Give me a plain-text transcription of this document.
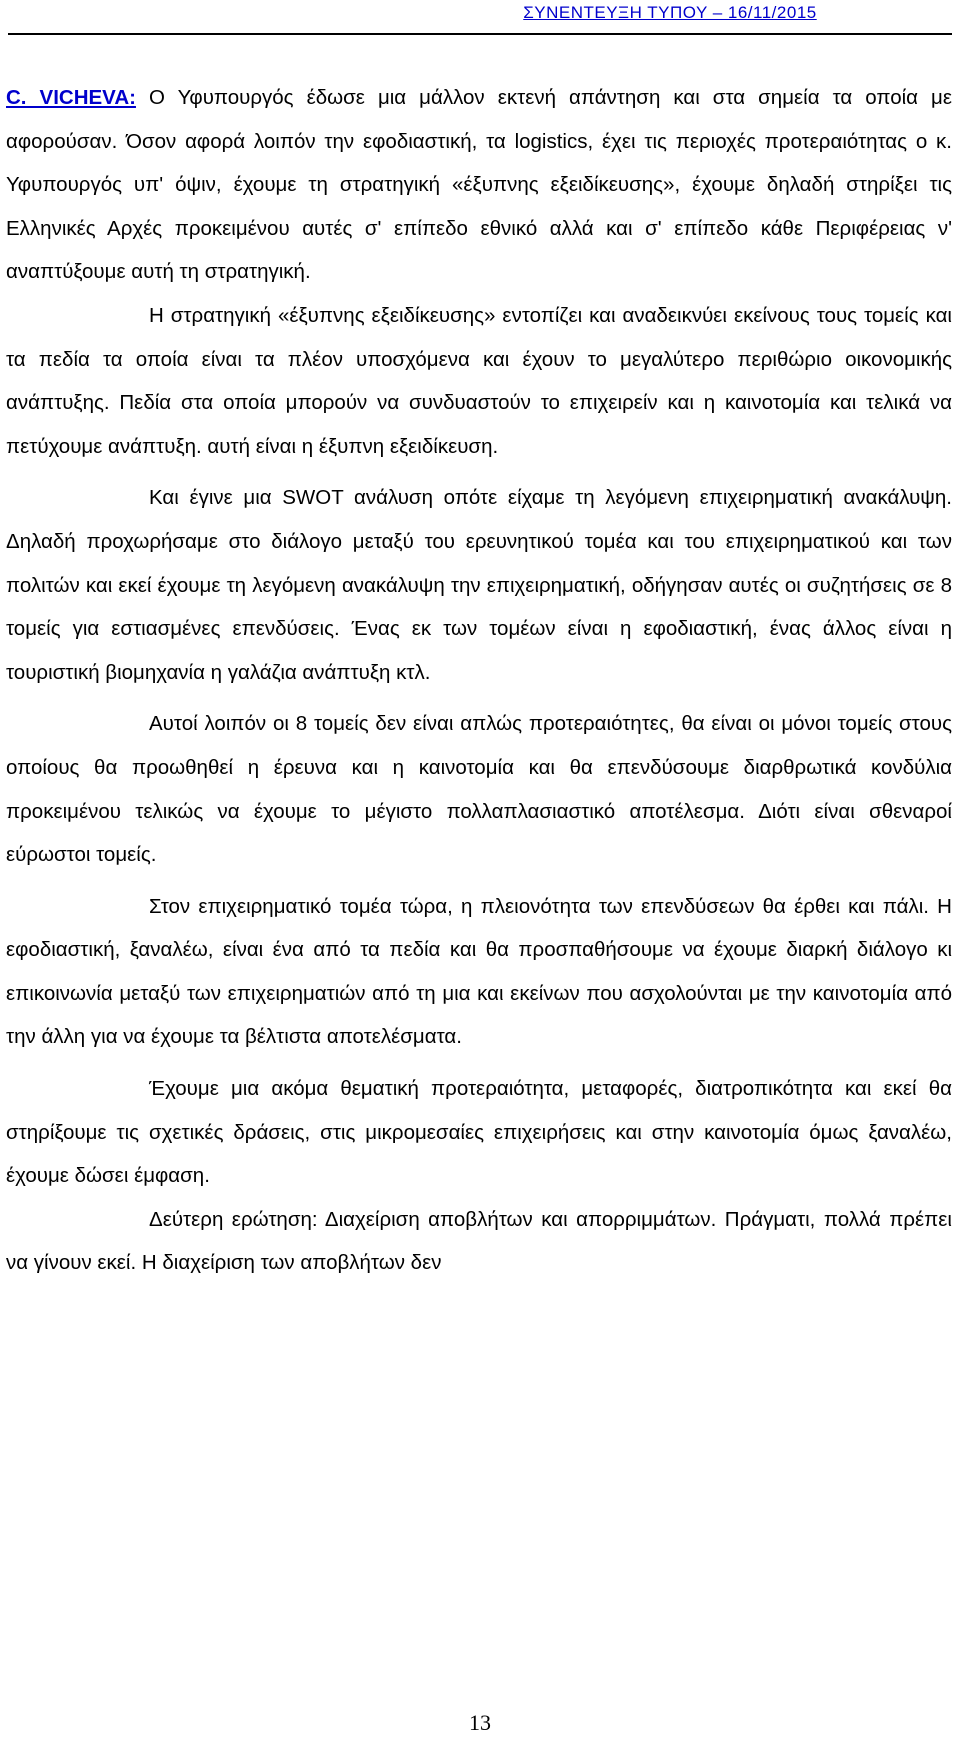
ΣΥΝΕΝΤΕΥΞΗ ΤΥΠΟΥ – 16/11/2015

C. VICHEVA: Ο Υφυπουργός έδωσε μια μάλλον εκτενή απάντηση και στα σημεία τα οποία με αφορούσαν. Όσον αφορά λοιπόν την εφοδιαστική, τα logistics, έχει τις περιοχές προτεραιότητας ο κ. Υφυπουργός υπ' όψιν, έχουμε τη στρατηγική «έξυπνης εξειδίκευσης», έχουμε δηλαδή στηρίξει τις Ελληνικές Αρχές προκειμένου αυτές σ' επίπεδο εθνικό αλλά και σ' επίπεδο κάθε Περιφέρειας ν' αναπτύξουμε αυτή τη στρατηγική.

Η στρατηγική «έξυπνης εξειδίκευσης» εντοπίζει και αναδεικνύει εκείνους τους τομείς και τα πεδία τα οποία είναι τα πλέον υποσχόμενα και έχουν το μεγαλύτερο περιθώριο οικονομικής ανάπτυξης. Πεδία στα οποία μπορούν να συνδυαστούν το επιχειρείν και η καινοτομία και τελικά να πετύχουμε ανάπτυξη. αυτή είναι η έξυπνη εξειδίκευση.

Και έγινε μια SWOT ανάλυση οπότε είχαμε τη λεγόμενη επιχειρηματική ανακάλυψη. Δηλαδή προχωρήσαμε στο διάλογο μεταξύ του ερευνητικού τομέα και του επιχειρηματικού και των πολιτών και εκεί έχουμε τη λεγόμενη ανακάλυψη την επιχειρηματική, οδήγησαν αυτές οι συζητήσεις σε 8 τομείς για εστιασμένες επενδύσεις. Ένας εκ των τομέων είναι η εφοδιαστική, ένας άλλος είναι η τουριστική βιομηχανία η γαλάζια ανάπτυξη κτλ.

Αυτοί λοιπόν οι 8 τομείς δεν είναι απλώς προτεραιότητες, θα είναι οι μόνοι τομείς στους οποίους θα προωθηθεί η έρευνα και η καινοτομία και θα επενδύσουμε διαρθρωτικά κονδύλια προκειμένου τελικώς να έχουμε το μέγιστο πολλαπλασιαστικό αποτέλεσμα. Διότι είναι σθεναροί εύρωστοι τομείς.

Στον επιχειρηματικό τομέα τώρα, η πλειονότητα των επενδύσεων θα έρθει και πάλι. Η εφοδιαστική, ξαναλέω, είναι ένα από τα πεδία και θα προσπαθήσουμε να έχουμε διαρκή διάλογο κι επικοινωνία μεταξύ των επιχειρηματιών από τη μια και εκείνων που ασχολούνται με την καινοτομία από την άλλη για να έχουμε τα βέλτιστα αποτελέσματα.

Έχουμε μια ακόμα θεματική προτεραιότητα, μεταφορές, διατροπικότητα και εκεί θα στηρίξουμε τις σχετικές δράσεις, στις μικρομεσαίες επιχειρήσεις και στην καινοτομία όμως ξαναλέω, έχουμε δώσει έμφαση.

Δεύτερη ερώτηση: Διαχείριση αποβλήτων και απορριμμάτων. Πράγματι, πολλά πρέπει να γίνουν εκεί. Η διαχείριση των αποβλήτων δεν

13
